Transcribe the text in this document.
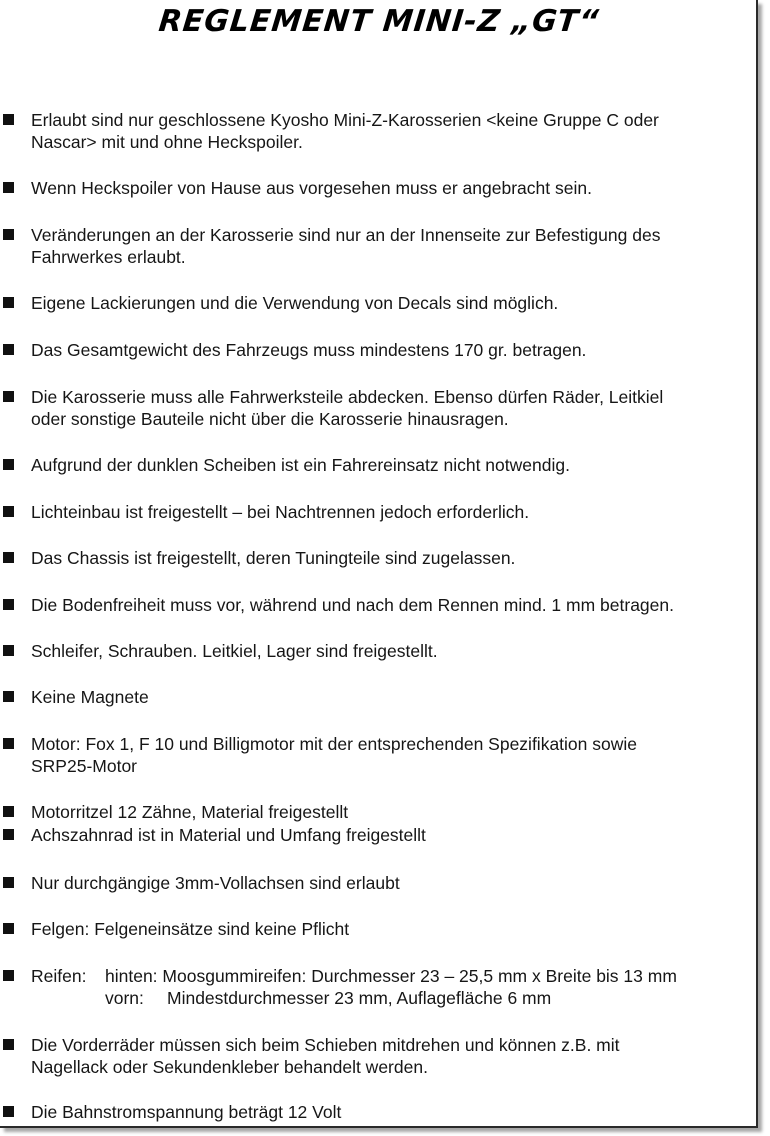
REGLEMENT MINI-Z „GT“
Erlaubt sind nur geschlossene Kyosho Mini-Z-Karosserien <keine Gruppe C oder
Nascar> mit und ohne Heckspoiler.
Wenn Heckspoiler von Hause aus vorgesehen muss er angebracht sein.
Veränderungen an der Karosserie sind nur an der Innenseite zur Befestigung des
Fahrwerkes erlaubt.
Eigene Lackierungen und die Verwendung von Decals sind möglich.
Das Gesamtgewicht des Fahrzeugs muss mindestens 170 gr. betragen.
Die Karosserie muss alle Fahrwerksteile abdecken. Ebenso dürfen Räder, Leitkiel
oder sonstige Bauteile nicht über die Karosserie hinausragen.
Aufgrund der dunklen Scheiben ist ein Fahrereinsatz nicht notwendig.
Lichteinbau ist freigestellt – bei Nachtrennen jedoch erforderlich.
Das Chassis ist freigestellt, deren Tuningteile sind zugelassen.
Die Bodenfreiheit muss vor, während und nach dem Rennen mind. 1 mm betragen.
Schleifer, Schrauben. Leitkiel, Lager sind freigestellt.
Keine Magnete
Motor: Fox 1, F 10 und Billigmotor mit der entsprechenden Spezifikation sowie
SRP25-Motor
Motorritzel 12 Zähne, Material freigestellt
Achszahnrad ist in Material und Umfang freigestellt
Nur durchgängige 3mm-Vollachsen sind erlaubt
Felgen: Felgeneinsätze sind keine Pflicht
Reifen: hinten: Moosgummireifen: Durchmesser 23 – 25,5 mm x Breite bis 13 mm
vorn: Mindestdurchmesser 23 mm, Auflagefläche 6 mm
Die Vorderräder müssen sich beim Schieben mitdrehen und können z.B. mit
Nagellack oder Sekundenkleber behandelt werden.
Die Bahnstromspannung beträgt 12 Volt
